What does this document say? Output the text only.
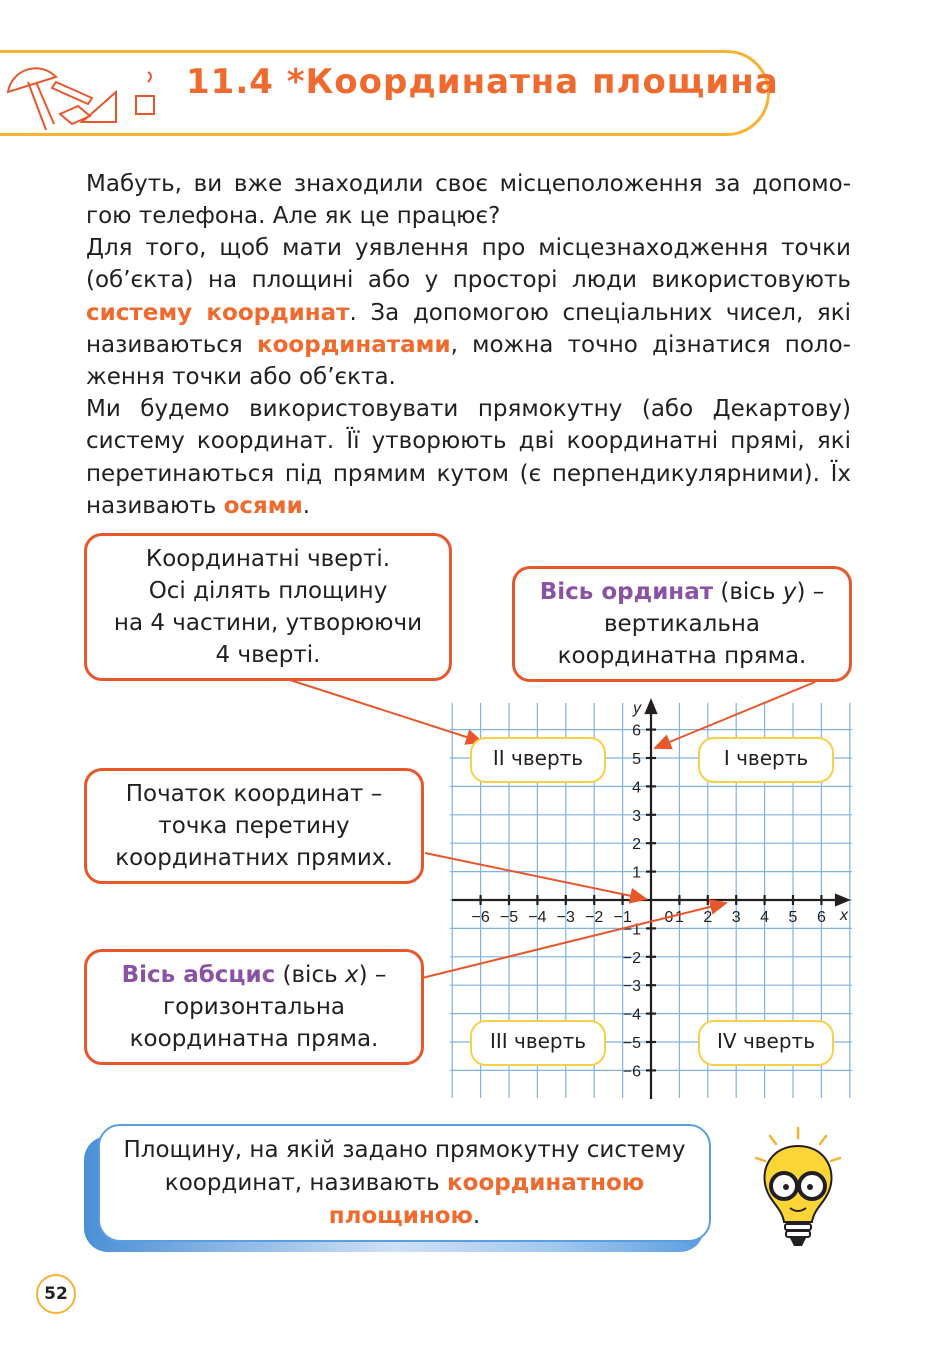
11.4 *Координатна площина
Мабуть, ви вже знаходили своє місцеположення за допомо- гою телефона. Але як це працює?
Для того, щоб мати уявлення про місцезнаходження точки (об’єкта) на площині або у просторі люди використовують систему координат. За допомогою спеціальних чисел, які називаються координатами, можна точно дізнатися поло- ження точки або об’єкта.
Ми будемо використовувати прямокутну (або Декартову) систему координат. Її утворюють дві координатні прямі, які перетинаються під прямим кутом (є перпендикулярними). Їх називають осями.
−6 −5 −4 −3 −2 −1	1 2 3 4 5 6
6
5
4
3
2
1
−1
−2
−3
−4
−5
−6
0	x
y
Координатні чверті.
Осі ділять площину
на 4 частини, утворюючи
4 чверті.
Вісь ординат (вісь y) –
вертикальна
координатна пряма.
Початок координат –
точка перетину
координатних прямих.
Вісь абсцис (вісь x) –
горизонтальна
координатна пряма.
II чверть	I чверть
III чверть	IV чверть
Площину, на якій задано прямокутну систему
координат, називають координатною
площиною.
52
